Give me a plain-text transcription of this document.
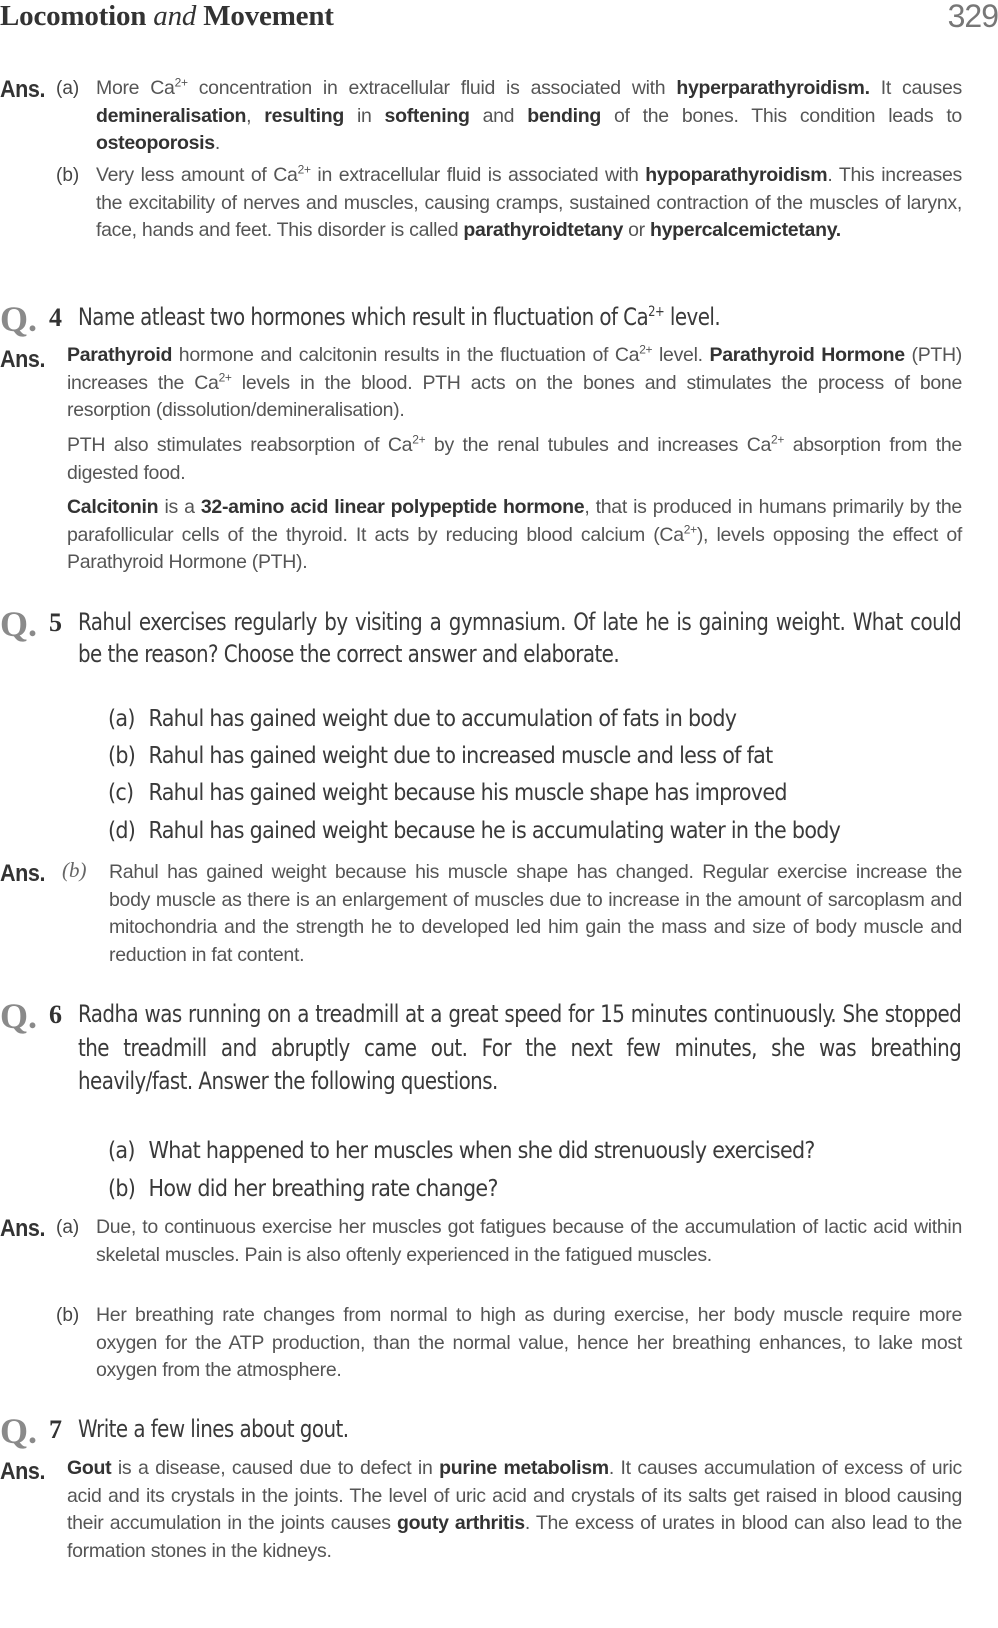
Locomotion and Movement	329
Ans. (a) More $Ca^{2+}$ concentration in extracellular fluid is associated with hyperparathyroidism. It causes demineralisation, resulting in softening and bending of the bones. This condition leads to osteoporosis.
(b) Very less amount of $Ca^{2+}$ in extracellular fluid is associated with hypoparathyroidism. This increases the excitability of nerves and muscles, causing cramps, sustained contraction of the muscles of larynx, face, hands and feet. This disorder is called parathyroidtetany or hypercalcemictetany.
Q. 4 Name atleast two hormones which result in fluctuation of $Ca^{2+}$ level.
Ans. Parathyroid hormone and calcitonin results in the fluctuation of $Ca^{2+}$ level. Parathyroid Hormone (PTH) increases the $Ca^{2+}$ levels in the blood. PTH acts on the bones and stimulates the process of bone resorption (dissolution/demineralisation).
PTH also stimulates reabsorption of $Ca^{2+}$ by the renal tubules and increases $Ca^{2+}$ absorption from the digested food.
Calcitonin is a 32-amino acid linear polypeptide hormone, that is produced in humans primarily by the parafollicular cells of the thyroid. It acts by reducing blood calcium $(Ca^{2+})$, levels opposing the effect of Parathyroid Hormone (PTH).
Q. 5 Rahul exercises regularly by visiting a gymnasium. Of late he is gaining weight. What could be the reason? Choose the correct answer and elaborate.
(a) Rahul has gained weight due to accumulation of fats in body
(b) Rahul has gained weight due to increased muscle and less of fat
(c) Rahul has gained weight because his muscle shape has improved
(d) Rahul has gained weight because he is accumulating water in the body
Ans. (b) Rahul has gained weight because his muscle shape has changed. Regular exercise increase the body muscle as there is an enlargement of muscles due to increase in the amount of sarcoplasm and mitochondria and the strength he to developed led him gain the mass and size of body muscle and reduction in fat content.
Q. 6 Radha was running on a treadmill at a great speed for 15 minutes continuously. She stopped the treadmill and abruptly came out. For the next few minutes, she was breathing heavily/fast. Answer the following questions.
(a) What happened to her muscles when she did strenuously exercised?
(b) How did her breathing rate change?
Ans. (a) Due, to continuous exercise her muscles got fatigues because of the accumulation of lactic acid within skeletal muscles. Pain is also oftenly experienced in the fatigued muscles.
(b) Her breathing rate changes from normal to high as during exercise, her body muscle require more oxygen for the ATP production, than the normal value, hence her breathing enhances, to lake most oxygen from the atmosphere.
Q. 7 Write a few lines about gout.
Ans. Gout is a disease, caused due to defect in purine metabolism. It causes accumulation of excess of uric acid and its crystals in the joints. The level of uric acid and crystals of its salts get raised in blood causing their accumulation in the joints causes gouty arthritis. The excess of urates in blood can also lead to the formation stones in the kidneys.
